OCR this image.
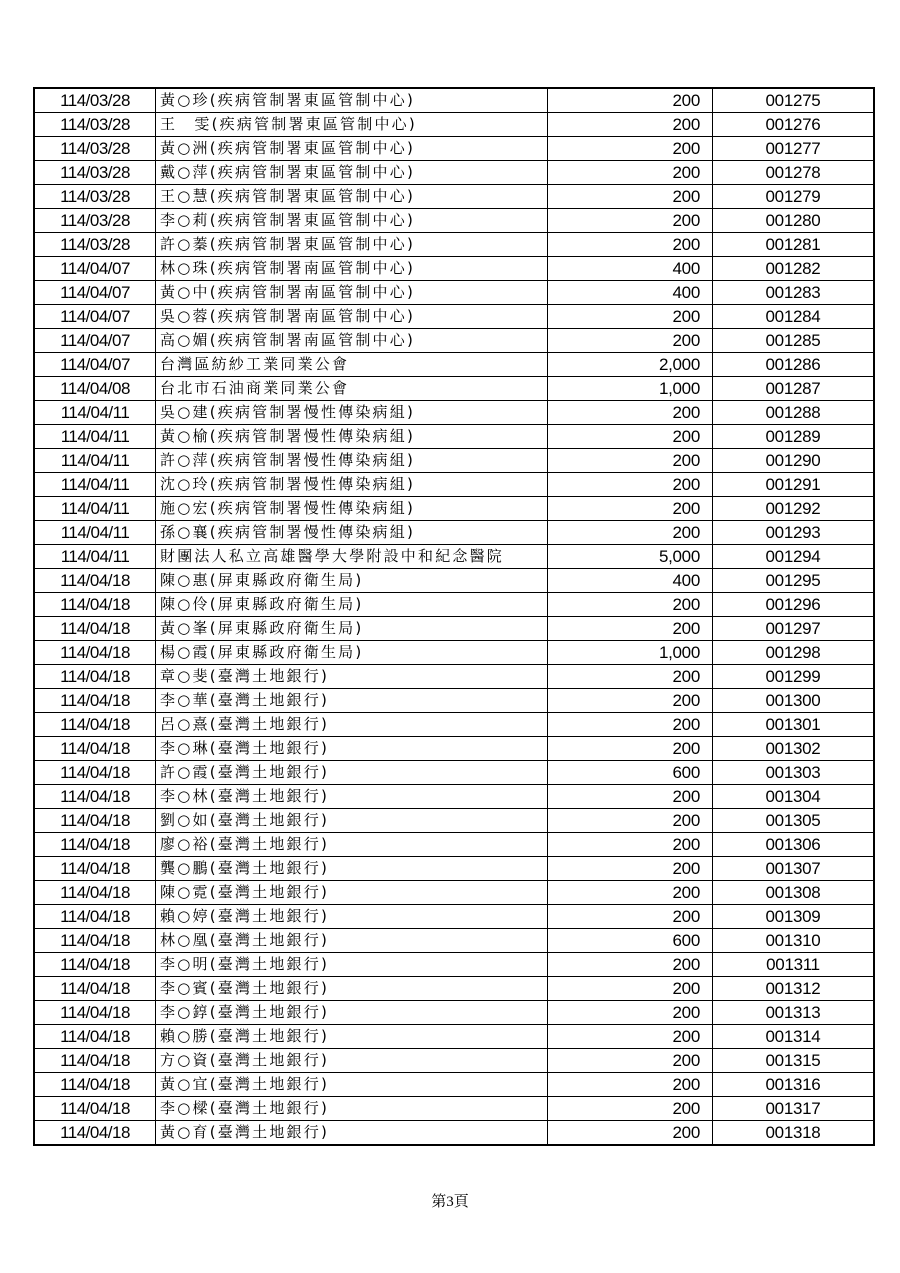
114/03/28	黃○珍(疾病管制署東區管制中心)	200	001275
114/03/28	王　雯(疾病管制署東區管制中心)	200	001276
114/03/28	黃○洲(疾病管制署東區管制中心)	200	001277
114/03/28	戴○萍(疾病管制署東區管制中心)	200	001278
114/03/28	王○慧(疾病管制署東區管制中心)	200	001279
114/03/28	李○莉(疾病管制署東區管制中心)	200	001280
114/03/28	許○蓁(疾病管制署東區管制中心)	200	001281
114/04/07	林○珠(疾病管制署南區管制中心)	400	001282
114/04/07	黃○中(疾病管制署南區管制中心)	400	001283
114/04/07	吳○蓉(疾病管制署南區管制中心)	200	001284
114/04/07	高○媚(疾病管制署南區管制中心)	200	001285
114/04/07	台灣區紡紗工業同業公會	2,000	001286
114/04/08	台北市石油商業同業公會	1,000	001287
114/04/11	吳○建(疾病管制署慢性傳染病組)	200	001288
114/04/11	黃○榆(疾病管制署慢性傳染病組)	200	001289
114/04/11	許○萍(疾病管制署慢性傳染病組)	200	001290
114/04/11	沈○玲(疾病管制署慢性傳染病組)	200	001291
114/04/11	施○宏(疾病管制署慢性傳染病組)	200	001292
114/04/11	孫○襄(疾病管制署慢性傳染病組)	200	001293
114/04/11	財團法人私立高雄醫學大學附設中和紀念醫院	5,000	001294
114/04/18	陳○惠(屏東縣政府衛生局)	400	001295
114/04/18	陳○伶(屏東縣政府衛生局)	200	001296
114/04/18	黃○峯(屏東縣政府衛生局)	200	001297
114/04/18	楊○霞(屏東縣政府衛生局)	1,000	001298
114/04/18	章○斐(臺灣土地銀行)	200	001299
114/04/18	李○華(臺灣土地銀行)	200	001300
114/04/18	呂○熹(臺灣土地銀行)	200	001301
114/04/18	李○琳(臺灣土地銀行)	200	001302
114/04/18	許○霞(臺灣土地銀行)	600	001303
114/04/18	李○林(臺灣土地銀行)	200	001304
114/04/18	劉○如(臺灣土地銀行)	200	001305
114/04/18	廖○裕(臺灣土地銀行)	200	001306
114/04/18	龔○鵬(臺灣土地銀行)	200	001307
114/04/18	陳○霓(臺灣土地銀行)	200	001308
114/04/18	賴○婷(臺灣土地銀行)	200	001309
114/04/18	林○凰(臺灣土地銀行)	600	001310
114/04/18	李○明(臺灣土地銀行)	200	001311
114/04/18	李○賓(臺灣土地銀行)	200	001312
114/04/18	李○錞(臺灣土地銀行)	200	001313
114/04/18	賴○勝(臺灣土地銀行)	200	001314
114/04/18	方○資(臺灣土地銀行)	200	001315
114/04/18	黃○宜(臺灣土地銀行)	200	001316
114/04/18	李○樑(臺灣土地銀行)	200	001317
114/04/18	黃○育(臺灣土地銀行)	200	001318
第3頁
